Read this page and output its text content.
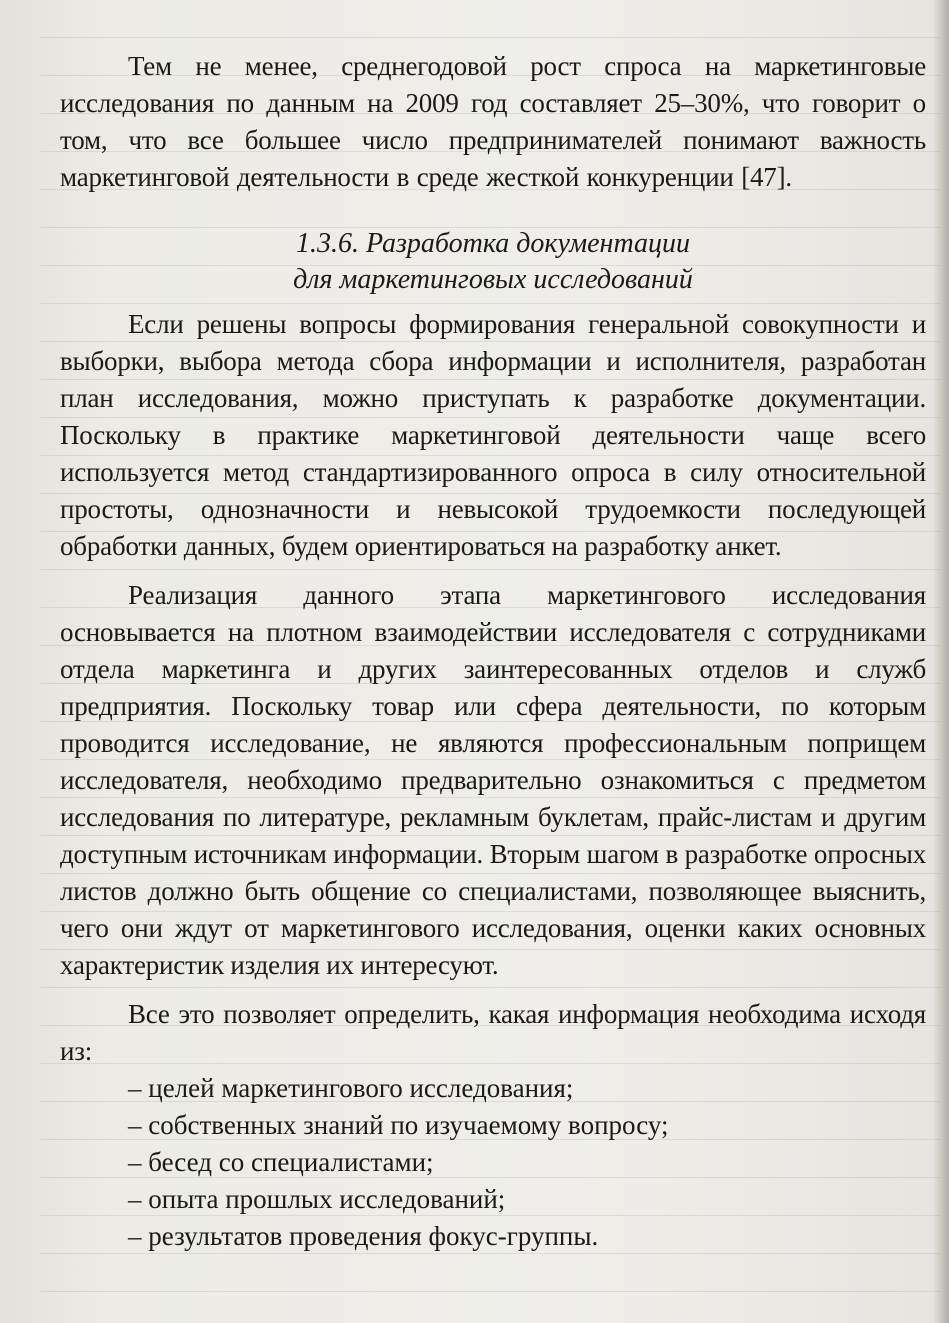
Тем не менее, среднегодовой рост спроса на маркетинговые исследования по данным на 2009 год составляет 25–30%, что говорит о том, что все большее число предпринимателей понимают важность маркетинговой деятельности в среде жесткой конкуренции [47].

1.3.6. Разработка документации
для маркетинговых исследований

Если решены вопросы формирования генеральной совокупности и выборки, выбора метода сбора информации и исполнителя, разработан план исследования, можно приступать к разработке документации. Поскольку в практике маркетинговой деятельности чаще всего используется метод стандартизированного опроса в силу относительной простоты, однозначности и невысокой трудоемкости последующей обработки данных, будем ориентироваться на разработку анкет.

Реализация данного этапа маркетингового исследования основывается на плотном взаимодействии исследователя с сотрудниками отдела маркетинга и других заинтересованных отделов и служб предприятия. Поскольку товар или сфера деятельности, по которым проводится исследование, не являются профессиональным поприщем исследователя, необходимо предварительно ознакомиться с предметом исследования по литературе, рекламным буклетам, прайс-листам и другим доступным источникам информации. Вторым шагом в разработке опросных листов должно быть общение со специалистами, позволяющее выяснить, чего они ждут от маркетингового исследования, оценки каких основных характеристик изделия их интересуют.

Все это позволяет определить, какая информация необходима исходя из:

– целей маркетингового исследования;
– собственных знаний по изучаемому вопросу;
– бесед со специалистами;
– опыта прошлых исследований;
– результатов проведения фокус-группы.
